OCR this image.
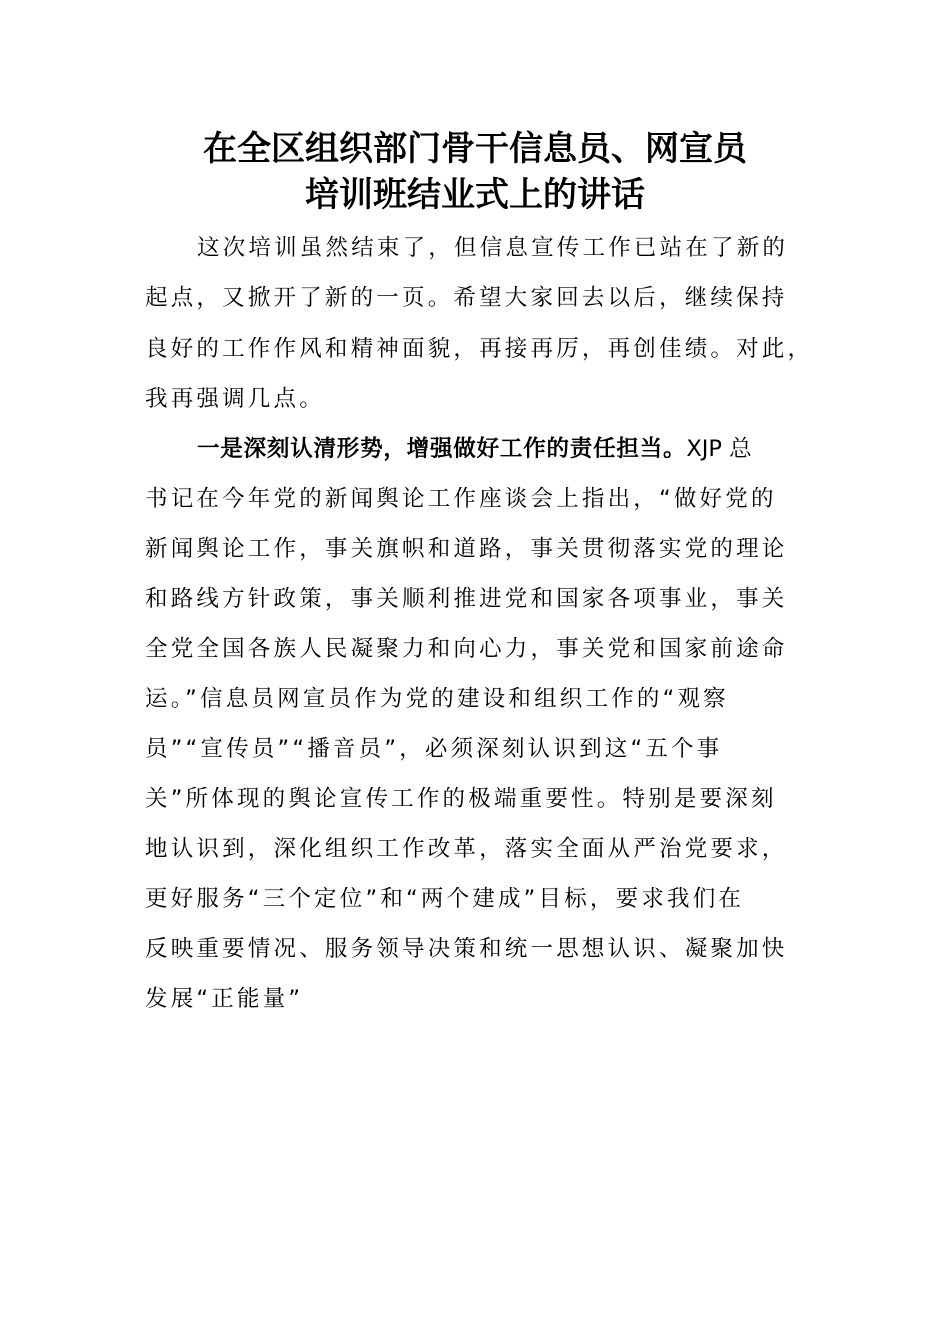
在全区组织部门骨干信息员、网宣员
培训班结业式上的讲话
这次培训虽然结束了，但信息宣传工作已站在了新的
起点，又掀开了新的一页。希望大家回去以后，继续保持
良好的工作作风和精神面貌，再接再厉，再创佳绩。对此，
我再强调几点。
一是深刻认清形势，增强做好工作的责任担当。XJP 总
书记在今年党的新闻舆论工作座谈会上指出，“做好党的
新闻舆论工作，事关旗帜和道路，事关贯彻落实党的理论
和路线方针政策，事关顺利推进党和国家各项事业，事关
全党全国各族人民凝聚力和向心力，事关党和国家前途命
运。”信息员网宣员作为党的建设和组织工作的“观察
员”“宣传员”“播音员”，必须深刻认识到这“五个事
关”所体现的舆论宣传工作的极端重要性。特别是要深刻
地认识到，深化组织工作改革，落实全面从严治党要求，
更好服务“三个定位”和“两个建成”目标，要求我们在
反映重要情况、服务领导决策和统一思想认识、凝聚加快
发展“正能量”
